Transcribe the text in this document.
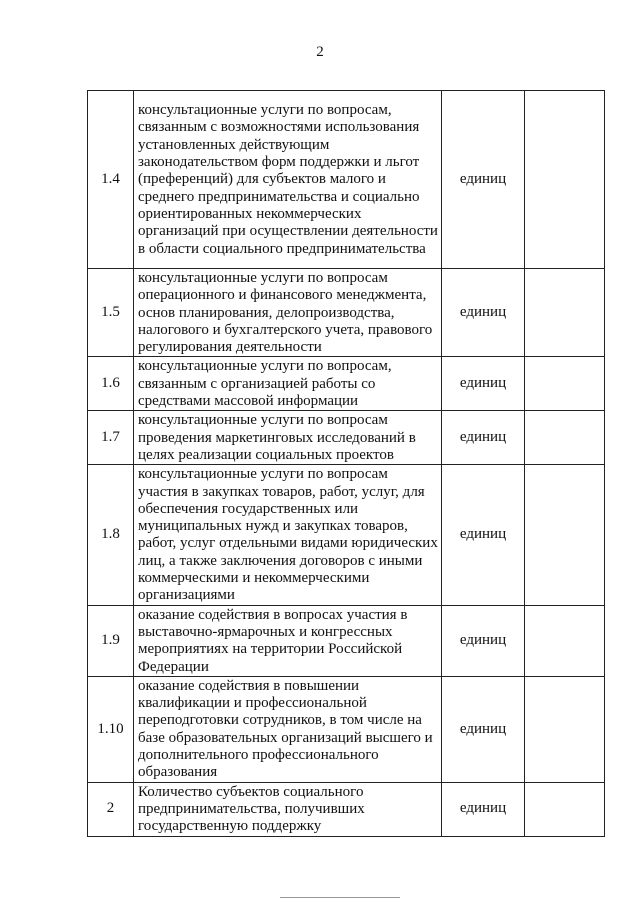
2
1.4	консультационные услуги по вопросам, связанным с возможностями использования установленных действующим законодательством форм поддержки и льгот (преференций) для субъектов малого и среднего предпринимательства и социально ориентированных некоммерческих организаций при осуществлении деятельности в области социального предпринимательства	единиц	
1.5	консультационные услуги по вопросам операционного и финансового менеджмента, основ планирования, делопроизводства, налогового и бухгалтерского учета, правового регулирования деятельности	единиц	
1.6	консультационные услуги по вопросам, связанным с организацией работы со средствами массовой информации	единиц	
1.7	консультационные услуги по вопросам проведения маркетинговых исследований в целях реализации социальных проектов	единиц	
1.8	консультационные услуги по вопросам участия в закупках товаров, работ, услуг, для обеспечения государственных или муниципальных нужд и закупках товаров, работ, услуг отдельными видами юридических лиц, а также заключения договоров с иными коммерческими и некоммерческими организациями	единиц	
1.9	оказание содействия в вопросах участия в выставочно-ярмарочных и конгрессных мероприятиях на территории Российской Федерации	единиц	
1.10	оказание содействия в повышении квалификации и профессиональной переподготовки сотрудников, в том числе на базе образовательных организаций высшего и дополнительного профессионального образования	единиц	
2	Количество субъектов социального предпринимательства, получивших государственную поддержку	единиц	
